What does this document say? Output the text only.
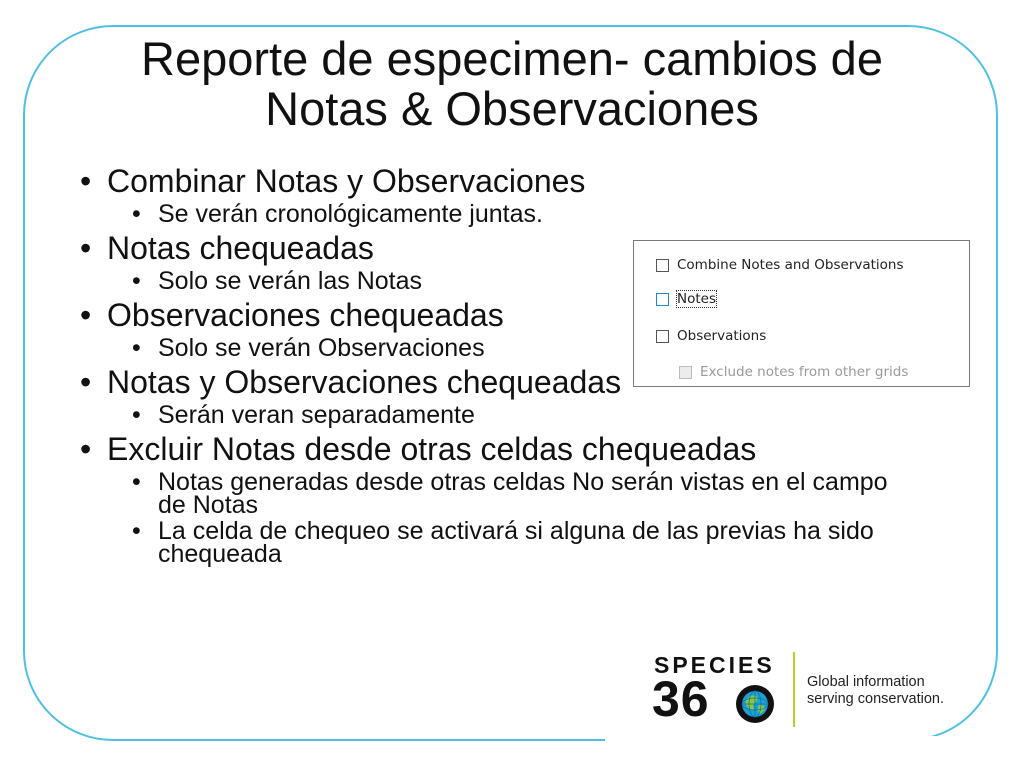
Reporte de especimen- cambios de
Notas & Observaciones
• Combinar Notas y Observaciones
• Se verán cronológicamente juntas.
• Notas chequeadas
• Solo se verán las Notas
• Observaciones chequeadas
• Solo se verán Observaciones
• Notas y Observaciones chequeadas
• Serán veran separadamente
• Excluir Notas desde otras celdas chequeadas
• Notas generadas desde otras celdas No serán vistas en el campo de Notas
• La celda de chequeo se activará si alguna de las previas ha sido chequeada
Combine Notes and Observations
Notes
Observations
Exclude notes from other grids
SPECIES
36	Global information
serving conservation.
